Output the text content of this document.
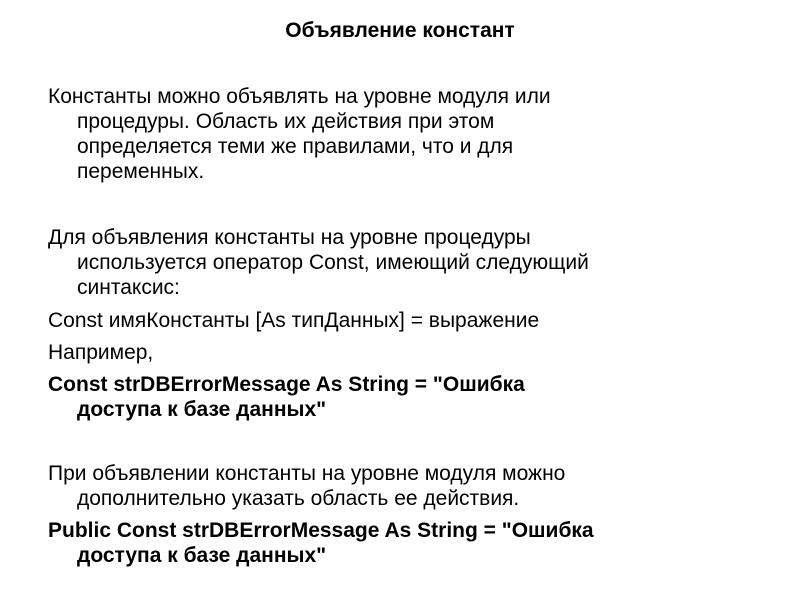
Объявление констант

Константы можно объявлять на уровне модуля или
процедуры. Область их действия при этом
определяется теми же правилами, что и для
переменных.

Для объявления константы на уровне процедуры
используется оператор Const, имеющий следующий
синтаксис:

Const имяКонстанты [As типДанных] = выражение

Например,

Const strDBErrorMessage As String = "Ошибка
доступа к базе данных"

При объявлении константы на уровне модуля можно
дополнительно указать область ее действия.

Public Const strDBErrorMessage As String = "Ошибка
доступа к базе данных"
